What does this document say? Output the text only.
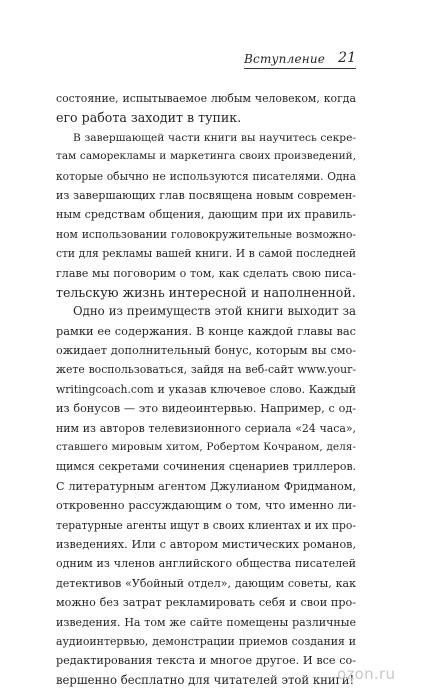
Вступление 21
состояние, испытываемое любым человеком, когда
его работа заходит в тупик.
В завершающей части книги вы научитесь секре-
там саморекламы и маркетинга своих произведений,
которые обычно не используются писателями. Одна
из завершающих глав посвящена новым современ-
ным средствам общения, дающим при их правиль-
ном использовании головокружительные возможно-
сти для рекламы вашей книги. И в самой последней
главе мы поговорим о том, как сделать свою писа-
тельскую жизнь интересной и наполненной.
Одно из преимуществ этой книги выходит за
рамки ее содержания. В конце каждой главы вас
ожидает дополнительный бонус, которым вы смо-
жете воспользоваться, зайдя на веб-сайт www.your-
writingcoach.com и указав ключевое слово. Каждый
из бонусов — это видеоинтервью. Например, с од-
ним из авторов телевизионного сериала «24 часа»,
ставшего мировым хитом, Робертом Кочраном, деля-
щимся секретами сочинения сценариев триллеров.
С литературным агентом Джулианом Фридманом,
откровенно рассуждающим о том, что именно ли-
тературные агенты ищут в своих клиентах и их про-
изведениях. Или с автором мистических романов,
одним из членов английского общества писателей
детективов «Убойный отдел», дающим советы, как
можно без затрат рекламировать себя и свои про-
изведения. На том же сайте помещены различные
аудиоинтервью, демонстрации приемов создания и
редактирования текста и многое другое. И все со-
вершенно бесплатно для читателей этой книги!
ozon.ru
